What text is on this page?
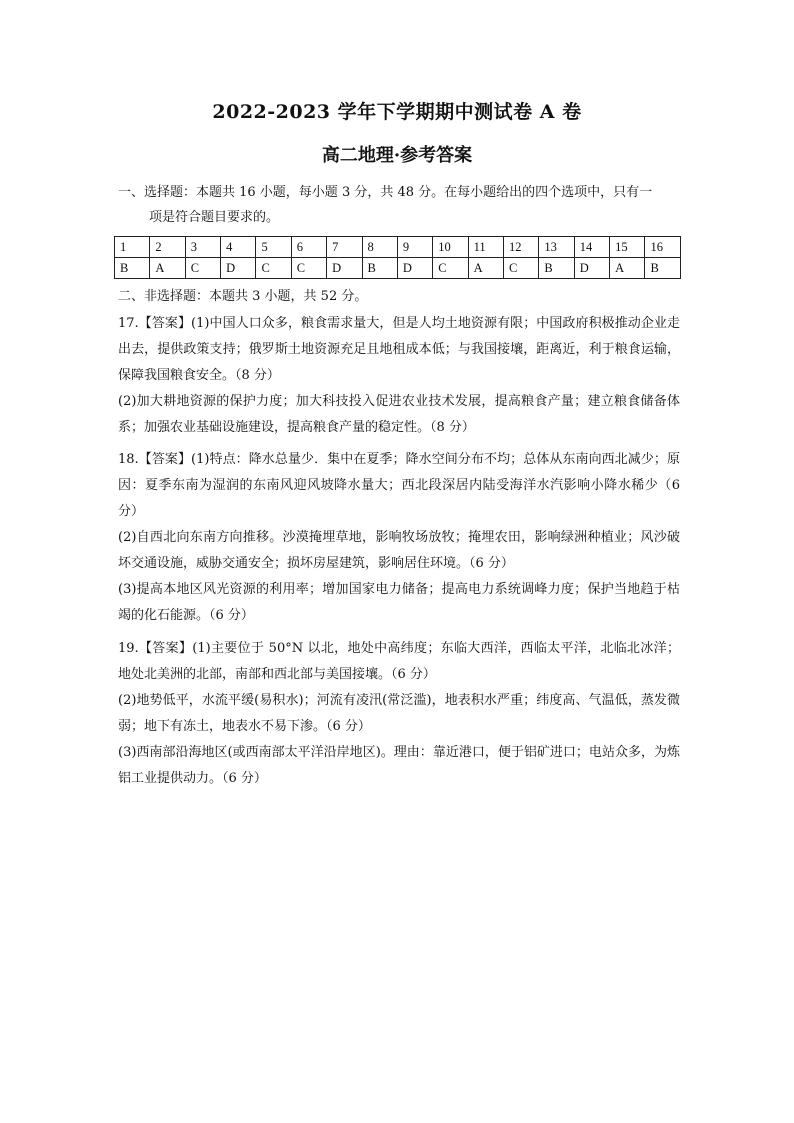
2022-2023 学年下学期期中测试卷 A 卷
高二地理·参考答案
一、选择题：本题共 16 小题，每小题 3 分，共 48 分。在每小题给出的四个选项中，只有一
项是符合题目要求的。
1	2	3	4	5	6	7	8	9	10	11	12	13	14	15	16
B	A	C	D	C	C	D	B	D	C	A	C	B	D	A	B
二、非选择题：本题共 3 小题，共 52 分。

17.【答案】(1)中国人口众多，粮食需求量大，但是人均土地资源有限；中国政府积极推动企业走出去，提供政策支持；俄罗斯土地资源充足且地租成本低；与我国接壤，距离近，利于粮食运输，保障我国粮食安全。（8 分）

(2)加大耕地资源的保护力度；加大科技投入促进农业技术发展，提高粮食产量；建立粮食储备体系；加强农业基础设施建设，提高粮食产量的稳定性。（8 分）

18.【答案】(1)特点：降水总量少．集中在夏季；降水空间分布不均；总体从东南向西北减少；原因：夏季东南为湿润的东南风迎风坡降水量大；西北段深居内陆受海洋水汽影响小降水稀少（6 分）

(2)自西北向东南方向推移。沙漠掩埋草地，影响牧场放牧；掩埋农田，影响绿洲种植业；风沙破坏交通设施，威胁交通安全；损坏房屋建筑，影响居住环境。（6 分）

(3)提高本地区风光资源的利用率；增加国家电力储备；提高电力系统调峰力度；保护当地趋于枯竭的化石能源。（6 分）

19.【答案】(1)主要位于 50°N 以北，地处中高纬度；东临大西洋，西临太平洋，北临北冰洋；地处北美洲的北部，南部和西北部与美国接壤。（6 分）

(2)地势低平，水流平缓(易积水)；河流有凌汛(常泛滥)，地表积水严重；纬度高、气温低，蒸发微弱；地下有冻土，地表水不易下渗。（6 分）

(3)西南部沿海地区(或西南部太平洋沿岸地区)。理由：靠近港口，便于铝矿进口；电站众多，为炼铝工业提供动力。（6 分）
